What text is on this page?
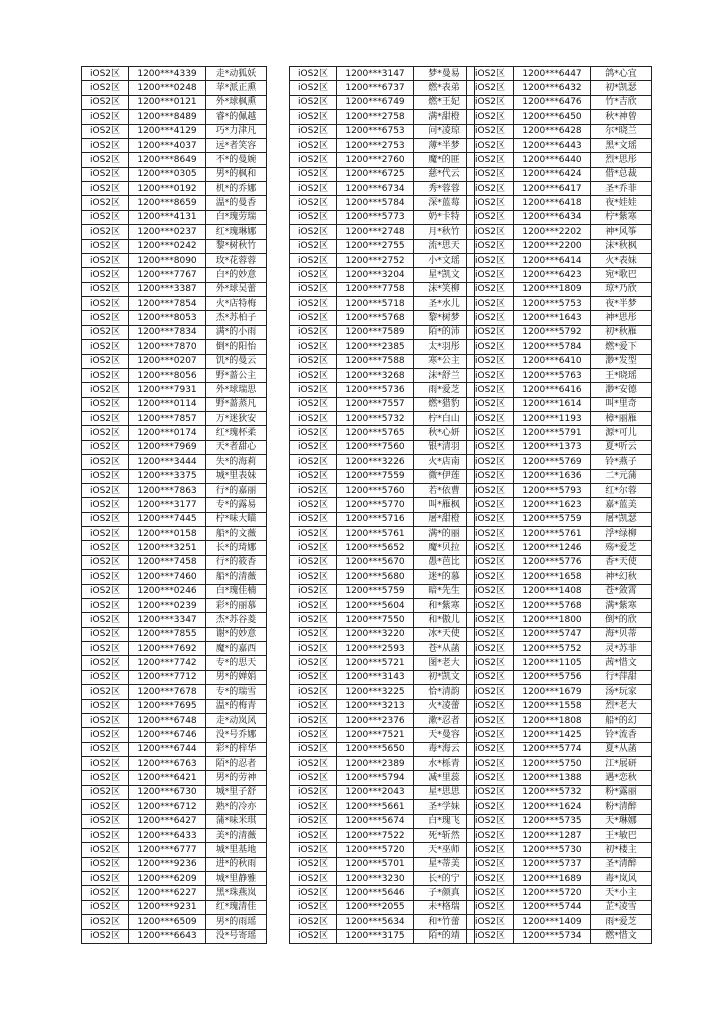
iOS2区	1200***4339	走*动狐妖
iOS2区	1200***0248	苹*派正熏
iOS2区	1200***0121	外*球枫熏
iOS2区	1200***8489	睿*的佩越
iOS2区	1200***4129	巧*力津凡
iOS2区	1200***4037	远*者笑容
iOS2区	1200***8649	不*的曼婉
iOS2区	1200***0305	男*的枫和
iOS2区	1200***0192	机*的乔娜
iOS2区	1200***8659	温*的曼香
iOS2区	1200***4131	白*瑰劳瑞
iOS2区	1200***0237	红*瑰琳娜
iOS2区	1200***0242	黎*树秋竹
iOS2区	1200***8090	玫*花蓉蓉
iOS2区	1200***7767	白*的妙意
iOS2区	1200***3387	外*球吴蕾
iOS2区	1200***7854	火*店特梅
iOS2区	1200***8053	杰*苏柏子
iOS2区	1200***7834	满*的小雨
iOS2区	1200***7870	倒*的阳怡
iOS2区	1200***0207	饥*的曼云
iOS2区	1200***8056	野*蔷公主
iOS2区	1200***7931	外*球瑞思
iOS2区	1200***0114	野*蔷蒸凡
iOS2区	1200***7857	万*迷狄安
iOS2区	1200***0174	红*瑰杯柔
iOS2区	1200***7969	天*者甜心
iOS2区	1200***3444	失*的海莉
iOS2区	1200***3375	城*里表妹
iOS2区	1200***7863	行*的嘉丽
iOS2区	1200***3177	专*的露易
iOS2区	1200***7445	柠*味大瞄
iOS2区	1200***0158	船*的文薇
iOS2区	1200***3251	长*的琦娜
iOS2区	1200***7458	行*的筱香
iOS2区	1200***7460	船*的清薇
iOS2区	1200***0246	白*瑰佳楠
iOS2区	1200***0239	彩*的丽慕
iOS2区	1200***3347	杰*苏谷菱
iOS2区	1200***7855	谢*的妙意
iOS2区	1200***7692	魔*的嘉西
iOS2区	1200***7742	专*的思天
iOS2区	1200***7712	男*的婵娟
iOS2区	1200***7678	专*的瑞雪
iOS2区	1200***7695	温*的梅青
iOS2区	1200***6748	走*动岚风
iOS2区	1200***6746	没*号乔娜
iOS2区	1200***6744	彩*的梓华
iOS2区	1200***6763	陌*的忍者
iOS2区	1200***6421	男*的劳神
iOS2区	1200***6730	城*里子舒
iOS2区	1200***6712	熟*的冷亦
iOS2区	1200***6427	蒲*味米琪
iOS2区	1200***6433	美*的清薇
iOS2区	1200***6777	城*里基地
iOS2区	1200***9236	进*的秋雨
iOS2区	1200***6209	城*里静雅
iOS2区	1200***6227	黑*珠燕岚
iOS2区	1200***9231	红*瑰清佳
iOS2区	1200***6509	男*的雨瑶
iOS2区	1200***6643	没*号寄瑶
iOS2区	1200***3147	梦*曼易
iOS2区	1200***6737	燃*表弟
iOS2区	1200***6749	燃*王妃
iOS2区	1200***2758	满*甜橙
iOS2区	1200***6753	问*凌琼
iOS2区	1200***2753	薄*半梦
iOS2区	1200***2760	魔*的匪
iOS2区	1200***6725	慈*代云
iOS2区	1200***6734	秀*蓉蓉
iOS2区	1200***5784	深*蓝莓
iOS2区	1200***5773	奶*卡特
iOS2区	1200***2748	月*秋竹
iOS2区	1200***2755	流*思天
iOS2区	1200***2752	小*文瑶
iOS2区	1200***3204	星*凯文
iOS2区	1200***7758	沫*笑柳
iOS2区	1200***5718	圣*水儿
iOS2区	1200***5768	黎*树梦
iOS2区	1200***7589	陌*的沛
iOS2区	1200***2385	太*羽彤
iOS2区	1200***7588	寒*公主
iOS2区	1200***3268	沫*舒兰
iOS2区	1200***5736	雨*爱芝
iOS2区	1200***7557	燃*猎豹
iOS2区	1200***5732	柠*白山
iOS2区	1200***5765	秋*心妍
iOS2区	1200***7560	银*清羽
iOS2区	1200***3226	火*店南
iOS2区	1200***7559	微*伊莲
iOS2区	1200***5760	若*依曹
iOS2区	1200***5770	叫*雁枫
iOS2区	1200***5716	屠*甜橙
iOS2区	1200***5761	满*的丽
iOS2区	1200***5652	魔*贝拉
iOS2区	1200***5670	愚*芭比
iOS2区	1200***5680	迷*的慕
iOS2区	1200***5759	暗*先生
iOS2区	1200***5604	和*紫寒
iOS2区	1200***7550	和*傲儿
iOS2区	1200***3220	冰*天使
iOS2区	1200***2593	苍*从菡
iOS2区	1200***5721	图*老大
iOS2区	1200***3143	初*凯文
iOS2区	1200***3225	恰*清韵
iOS2区	1200***3213	火*凌蕾
iOS2区	1200***2376	漱*忍者
iOS2区	1200***7521	天*曼容
iOS2区	1200***5650	毒*海云
iOS2区	1200***2389	水*栎青
iOS2区	1200***5794	减*里蕊
iOS2区	1200***2043	星*思思
iOS2区	1200***5661	圣*学妹
iOS2区	1200***5674	白*瑰飞
iOS2区	1200***7522	死*斩然
iOS2区	1200***5720	天*巫师
iOS2区	1200***5701	星*蒂美
iOS2区	1200***3230	长*的宁
iOS2区	1200***5646	子*颜真
iOS2区	1200***2055	未*格瑞
iOS2区	1200***5634	和*竹蕾
iOS2区	1200***3175	陌*的靖
iOS2区	1200***6447	鸽*心宜
iOS2区	1200***6432	初*凯瑟
iOS2区	1200***6476	竹*吉欣
iOS2区	1200***6450	秋*神曾
iOS2区	1200***6428	尔*晓兰
iOS2区	1200***6443	黑*文瑶
iOS2区	1200***6440	烈*思彤
iOS2区	1200***6424	借*总裁
iOS2区	1200***6417	圣*乔菲
iOS2区	1200***6418	夜*娃娃
iOS2区	1200***6434	柠*紫寒
iOS2区	1200***2202	神*风筝
iOS2区	1200***2200	沫*秋枫
iOS2区	1200***6414	火*表妹
iOS2区	1200***6423	宛*歌巴
iOS2区	1200***1809	琼*乃欣
iOS2区	1200***5753	夜*半梦
iOS2区	1200***1643	神*思彤
iOS2区	1200***5792	初*秋雁
iOS2区	1200***5784	燃*爱下
iOS2区	1200***6410	渺*发型
iOS2区	1200***5763	王*晓瑶
iOS2区	1200***6416	渺*安德
iOS2区	1200***1614	叫*里奇
iOS2区	1200***1193	樟*丽雁
iOS2区	1200***5791	源*可儿
iOS2区	1200***1373	夏*听云
iOS2区	1200***5769	铃*燕子
iOS2区	1200***1636	二*元蒲
iOS2区	1200***5793	红*尔蓉
iOS2区	1200***1623	嘉*蓝美
iOS2区	1200***5759	屠*凯瑟
iOS2区	1200***5761	浮*绿柳
iOS2区	1200***1246	殇*爱芝
iOS2区	1200***5776	香*天使
iOS2区	1200***1658	神*幻秋
iOS2区	1200***1408	苍*敛霄
iOS2区	1200***5768	满*紫寒
iOS2区	1200***1800	倒*的欣
iOS2区	1200***5747	海*贝蒂
iOS2区	1200***5752	灵*苏菲
iOS2区	1200***1105	茜*惜文
iOS2区	1200***5756	行*萍甜
iOS2区	1200***1679	汤*玩家
iOS2区	1200***1558	烈*老大
iOS2区	1200***1808	船*的幻
iOS2区	1200***1425	铃*流香
iOS2区	1200***5774	夏*从菡
iOS2区	1200***5750	江*展研
iOS2区	1200***1388	遇*恋秋
iOS2区	1200***5732	粉*露丽
iOS2区	1200***1624	粉*清醉
iOS2区	1200***5735	天*琳娜
iOS2区	1200***1287	王*敏巴
iOS2区	1200***5730	初*楼主
iOS2区	1200***5737	圣*清醉
iOS2区	1200***1689	毒*岚风
iOS2区	1200***5720	天*小主
iOS2区	1200***5744	芷*凌雪
iOS2区	1200***1409	雨*爱芝
iOS2区	1200***5734	燃*惜文
